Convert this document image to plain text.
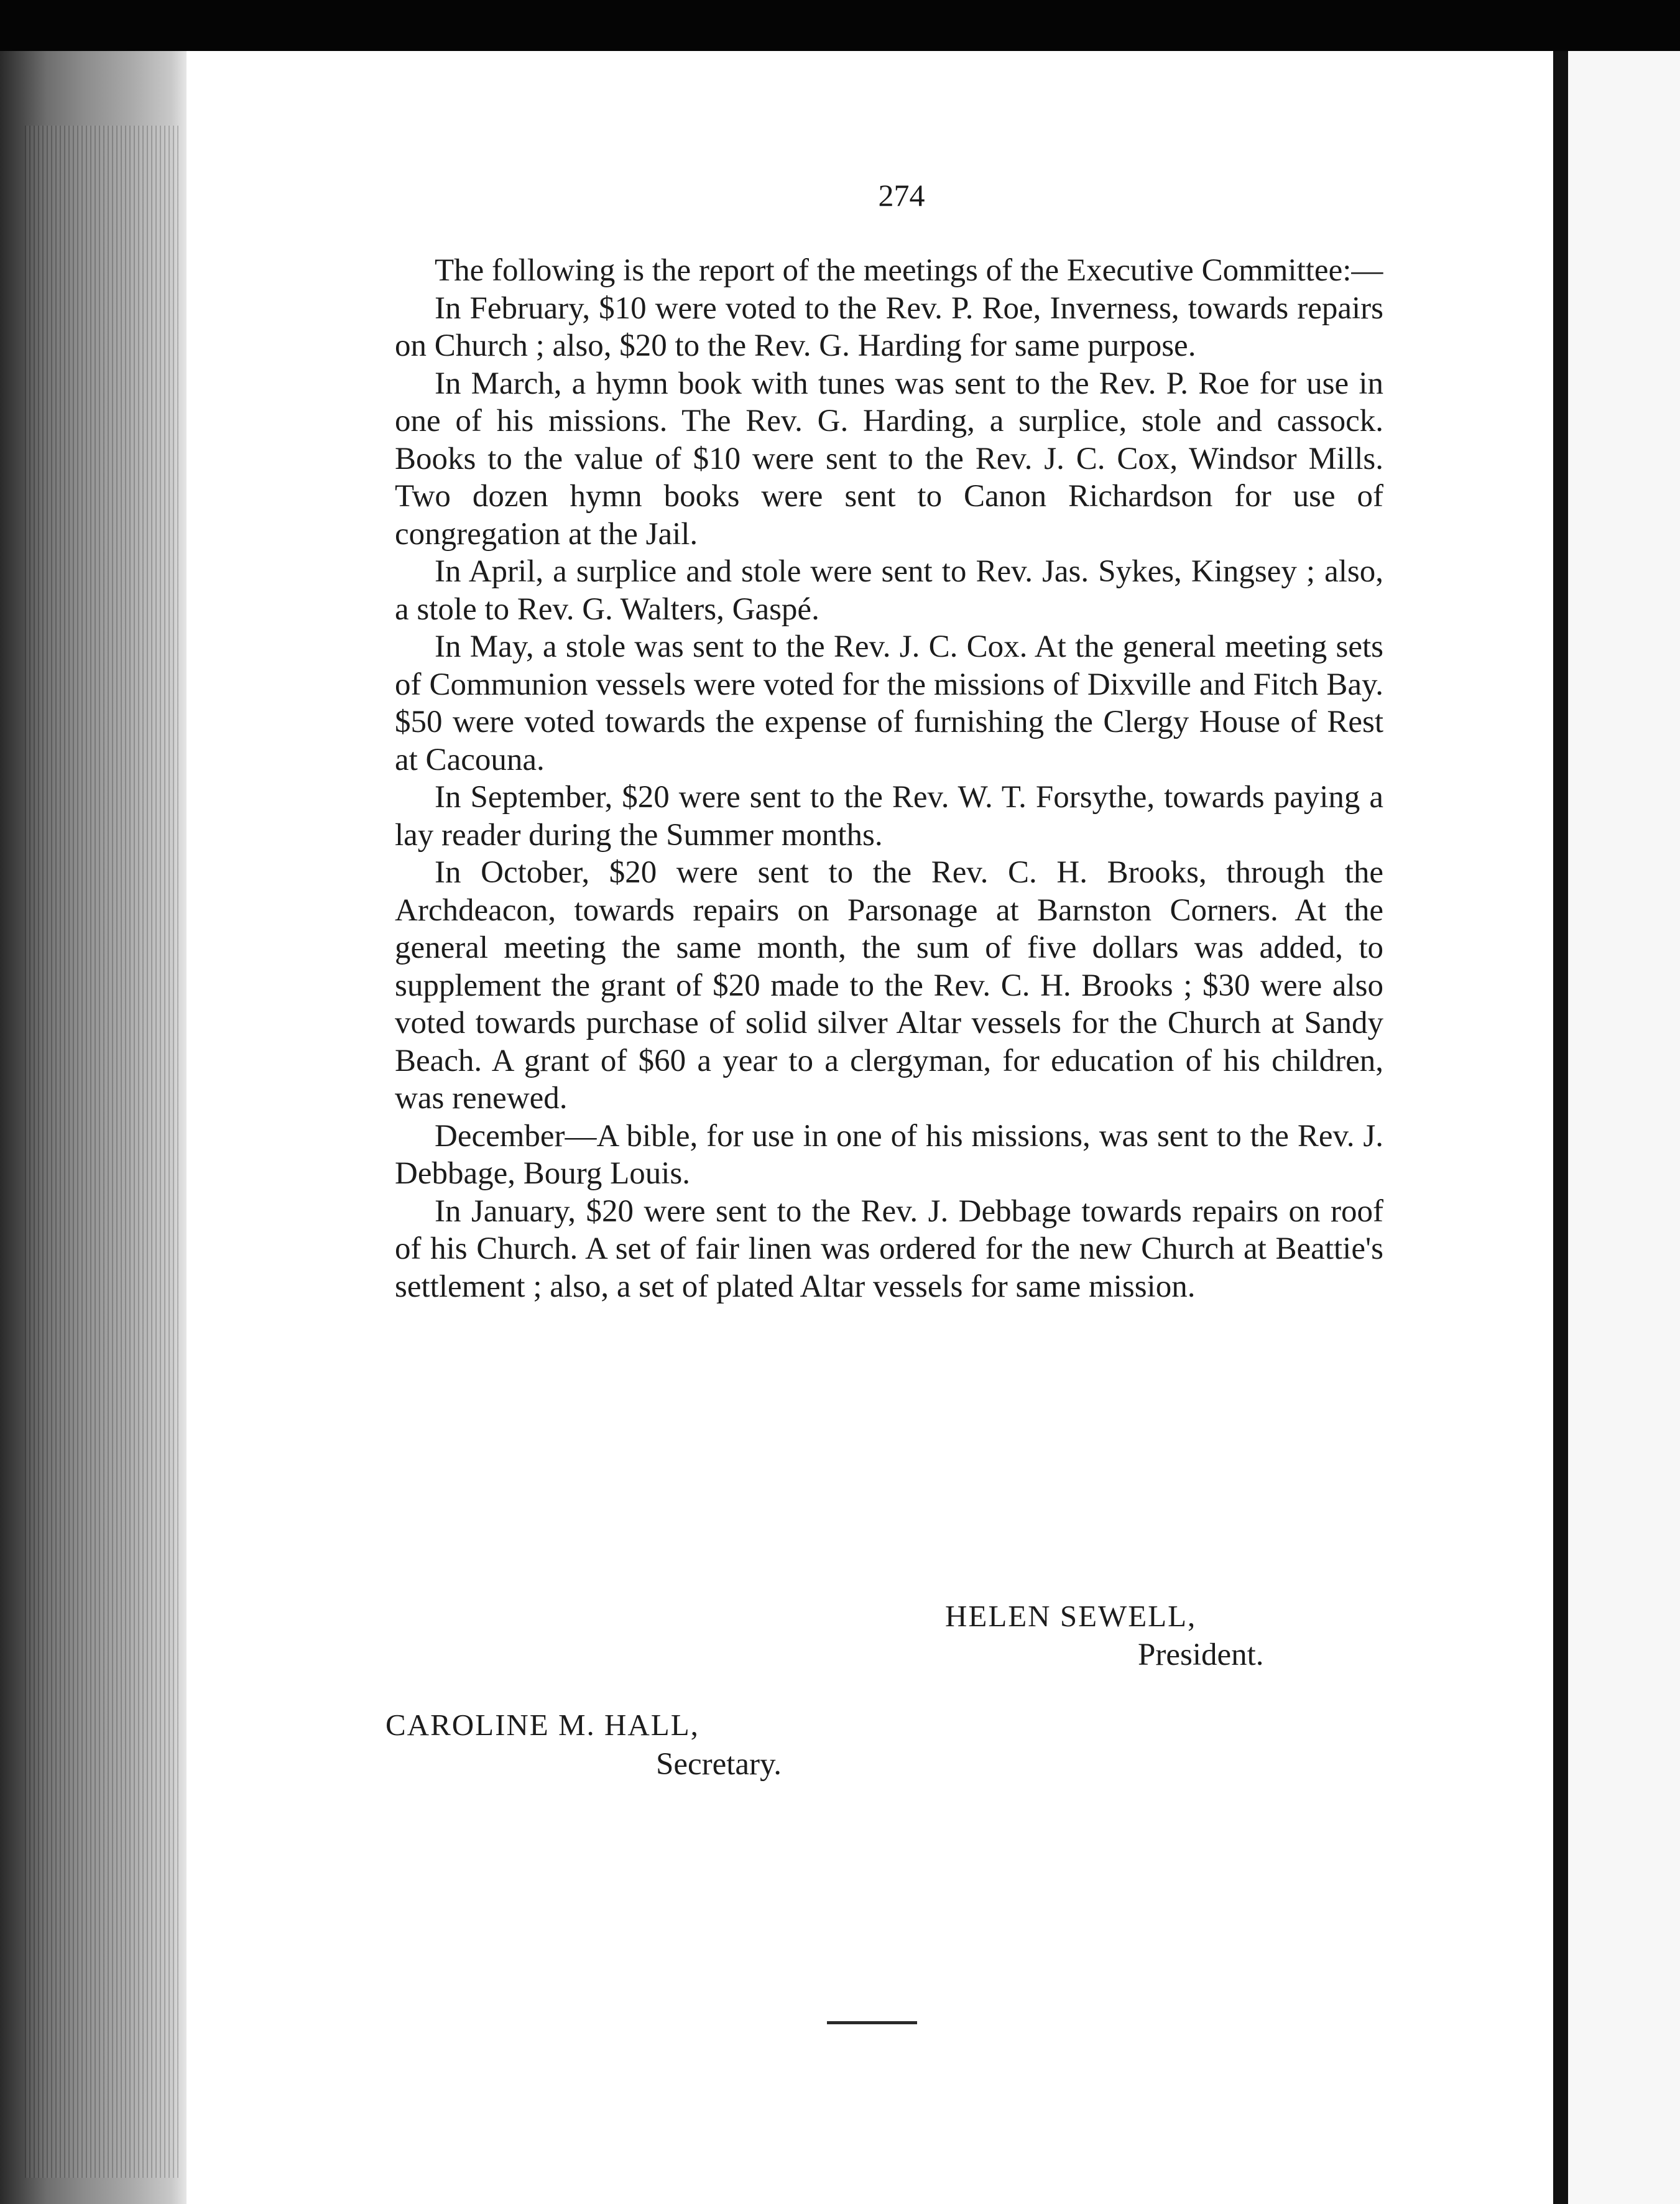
274

The following is the report of the meetings of the Executive Committee:—

In February, $10 were voted to the Rev. P. Roe, Inverness, towards repairs on Church ; also, $20 to the Rev. G. Harding for same purpose.

In March, a hymn book with tunes was sent to the Rev. P. Roe for use in one of his missions. The Rev. G. Harding, a surplice, stole and cassock. Books to the value of $10 were sent to the Rev. J. C. Cox, Windsor Mills. Two dozen hymn books were sent to Canon Richardson for use of congregation at the Jail.

In April, a surplice and stole were sent to Rev. Jas. Sykes, Kingsey ; also, a stole to Rev. G. Walters, Gaspé.

In May, a stole was sent to the Rev. J. C. Cox. At the general meeting sets of Communion vessels were voted for the missions of Dixville and Fitch Bay. $50 were voted towards the expense of furnishing the Clergy House of Rest at Cacouna.

In September, $20 were sent to the Rev. W. T. Forsythe, towards paying a lay reader during the Summer months.

In October, $20 were sent to the Rev. C. H. Brooks, through the Archdeacon, towards repairs on Parsonage at Barnston Corners. At the general meeting the same month, the sum of five dollars was added, to supplement the grant of $20 made to the Rev. C. H. Brooks ; $30 were also voted towards purchase of solid silver Altar vessels for the Church at Sandy Beach. A grant of $60 a year to a clergyman, for education of his children, was renewed.

December—A bible, for use in one of his missions, was sent to the Rev. J. Debbage, Bourg Louis.

In January, $20 were sent to the Rev. J. Debbage towards repairs on roof of his Church. A set of fair linen was ordered for the new Church at Beattie's settlement ; also, a set of plated Altar vessels for same mission.

HELEN SEWELL,
President.
CAROLINE M. HALL,
Secretary.
